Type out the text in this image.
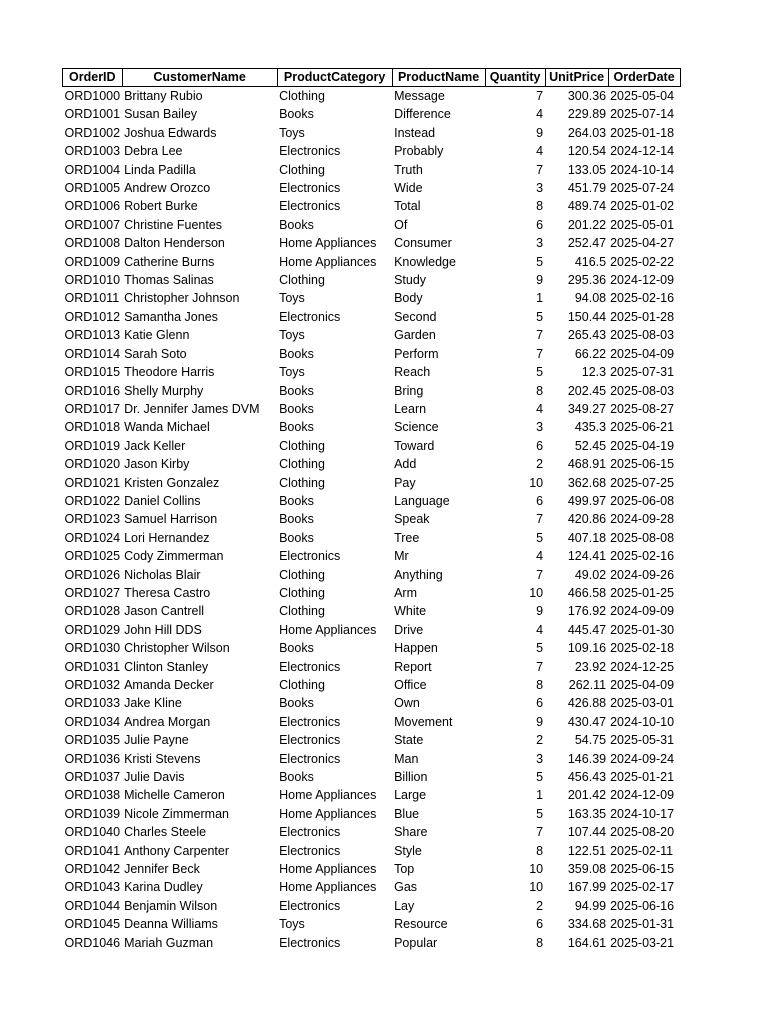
OrderID	CustomerName	ProductCategory	ProductName	Quantity	UnitPrice	OrderDate
ORD1000	Brittany Rubio	Clothing	Message	7	300.36	2025-05-04
ORD1001	Susan Bailey	Books	Difference	4	229.89	2025-07-14
ORD1002	Joshua Edwards	Toys	Instead	9	264.03	2025-01-18
ORD1003	Debra Lee	Electronics	Probably	4	120.54	2024-12-14
ORD1004	Linda Padilla	Clothing	Truth	7	133.05	2024-10-14
ORD1005	Andrew Orozco	Electronics	Wide	3	451.79	2025-07-24
ORD1006	Robert Burke	Electronics	Total	8	489.74	2025-01-02
ORD1007	Christine Fuentes	Books	Of	6	201.22	2025-05-01
ORD1008	Dalton Henderson	Home Appliances	Consumer	3	252.47	2025-04-27
ORD1009	Catherine Burns	Home Appliances	Knowledge	5	416.5	2025-02-22
ORD1010	Thomas Salinas	Clothing	Study	9	295.36	2024-12-09
ORD1011	Christopher Johnson	Toys	Body	1	94.08	2025-02-16
ORD1012	Samantha Jones	Electronics	Second	5	150.44	2025-01-28
ORD1013	Katie Glenn	Toys	Garden	7	265.43	2025-08-03
ORD1014	Sarah Soto	Books	Perform	7	66.22	2025-04-09
ORD1015	Theodore Harris	Toys	Reach	5	12.3	2025-07-31
ORD1016	Shelly Murphy	Books	Bring	8	202.45	2025-08-03
ORD1017	Dr. Jennifer James DVM	Books	Learn	4	349.27	2025-08-27
ORD1018	Wanda Michael	Books	Science	3	435.3	2025-06-21
ORD1019	Jack Keller	Clothing	Toward	6	52.45	2025-04-19
ORD1020	Jason Kirby	Clothing	Add	2	468.91	2025-06-15
ORD1021	Kristen Gonzalez	Clothing	Pay	10	362.68	2025-07-25
ORD1022	Daniel Collins	Books	Language	6	499.97	2025-06-08
ORD1023	Samuel Harrison	Books	Speak	7	420.86	2024-09-28
ORD1024	Lori Hernandez	Books	Tree	5	407.18	2025-08-08
ORD1025	Cody Zimmerman	Electronics	Mr	4	124.41	2025-02-16
ORD1026	Nicholas Blair	Clothing	Anything	7	49.02	2024-09-26
ORD1027	Theresa Castro	Clothing	Arm	10	466.58	2025-01-25
ORD1028	Jason Cantrell	Clothing	White	9	176.92	2024-09-09
ORD1029	John Hill DDS	Home Appliances	Drive	4	445.47	2025-01-30
ORD1030	Christopher Wilson	Books	Happen	5	109.16	2025-02-18
ORD1031	Clinton Stanley	Electronics	Report	7	23.92	2024-12-25
ORD1032	Amanda Decker	Clothing	Office	8	262.11	2025-04-09
ORD1033	Jake Kline	Books	Own	6	426.88	2025-03-01
ORD1034	Andrea Morgan	Electronics	Movement	9	430.47	2024-10-10
ORD1035	Julie Payne	Electronics	State	2	54.75	2025-05-31
ORD1036	Kristi Stevens	Electronics	Man	3	146.39	2024-09-24
ORD1037	Julie Davis	Books	Billion	5	456.43	2025-01-21
ORD1038	Michelle Cameron	Home Appliances	Large	1	201.42	2024-12-09
ORD1039	Nicole Zimmerman	Home Appliances	Blue	5	163.35	2024-10-17
ORD1040	Charles Steele	Electronics	Share	7	107.44	2025-08-20
ORD1041	Anthony Carpenter	Electronics	Style	8	122.51	2025-02-11
ORD1042	Jennifer Beck	Home Appliances	Top	10	359.08	2025-06-15
ORD1043	Karina Dudley	Home Appliances	Gas	10	167.99	2025-02-17
ORD1044	Benjamin Wilson	Electronics	Lay	2	94.99	2025-06-16
ORD1045	Deanna Williams	Toys	Resource	6	334.68	2025-01-31
ORD1046	Mariah Guzman	Electronics	Popular	8	164.61	2025-03-21
